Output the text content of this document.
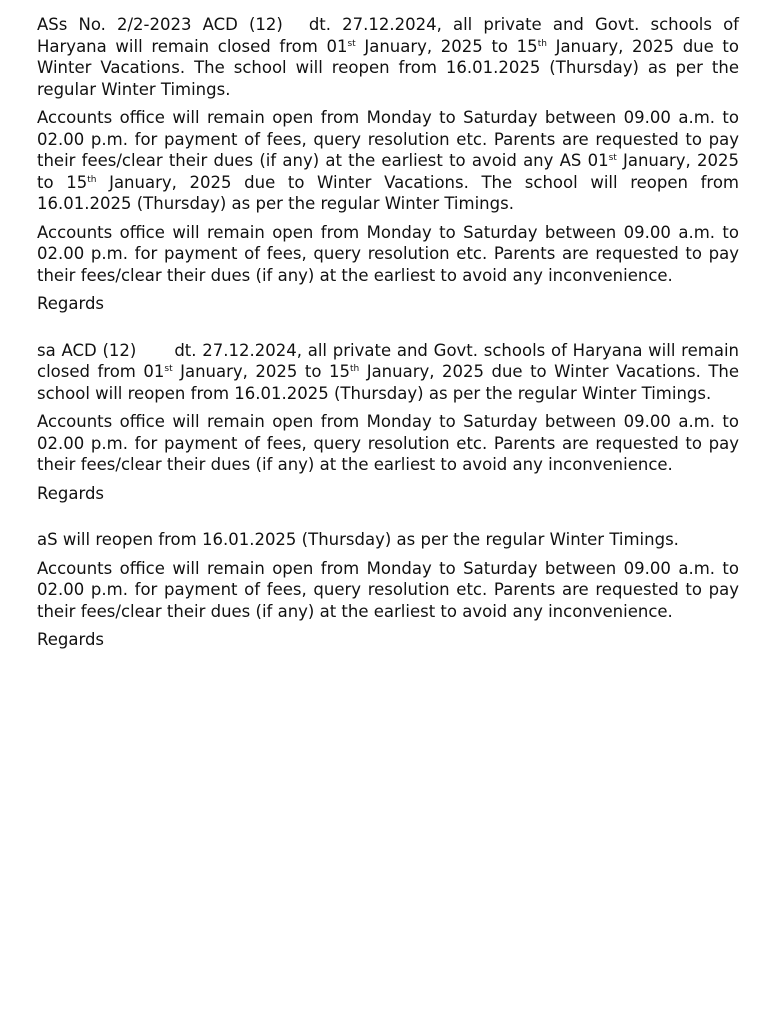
ASs No. 2/2-2023 ACD (12) dt. 27.12.2024, all private and Govt. schools of Haryana will remain closed from 01st January, 2025 to 15th January, 2025 due to Winter Vacations. The school will reopen from 16.01.2025 (Thursday) as per the regular Winter Timings.

Accounts office will remain open from Monday to Saturday between 09.00 a.m. to 02.00 p.m. for payment of fees, query resolution etc. Parents are requested to pay their fees/clear their dues (if any) at the earliest to avoid any AS 01st January, 2025 to 15th January, 2025 due to Winter Vacations. The school will reopen from 16.01.2025 (Thursday) as per the regular Winter Timings.

Accounts office will remain open from Monday to Saturday between 09.00 a.m. to 02.00 p.m. for payment of fees, query resolution etc. Parents are requested to pay their fees/clear their dues (if any) at the earliest to avoid any inconvenience.

Regards

sa ACD (12) dt. 27.12.2024, all private and Govt. schools of Haryana will remain closed from 01st January, 2025 to 15th January, 2025 due to Winter Vacations. The school will reopen from 16.01.2025 (Thursday) as per the regular Winter Timings.

Accounts office will remain open from Monday to Saturday between 09.00 a.m. to 02.00 p.m. for payment of fees, query resolution etc. Parents are requested to pay their fees/clear their dues (if any) at the earliest to avoid any inconvenience.

Regards

aS will reopen from 16.01.2025 (Thursday) as per the regular Winter Timings.

Accounts office will remain open from Monday to Saturday between 09.00 a.m. to 02.00 p.m. for payment of fees, query resolution etc. Parents are requested to pay their fees/clear their dues (if any) at the earliest to avoid any inconvenience.

Regards
